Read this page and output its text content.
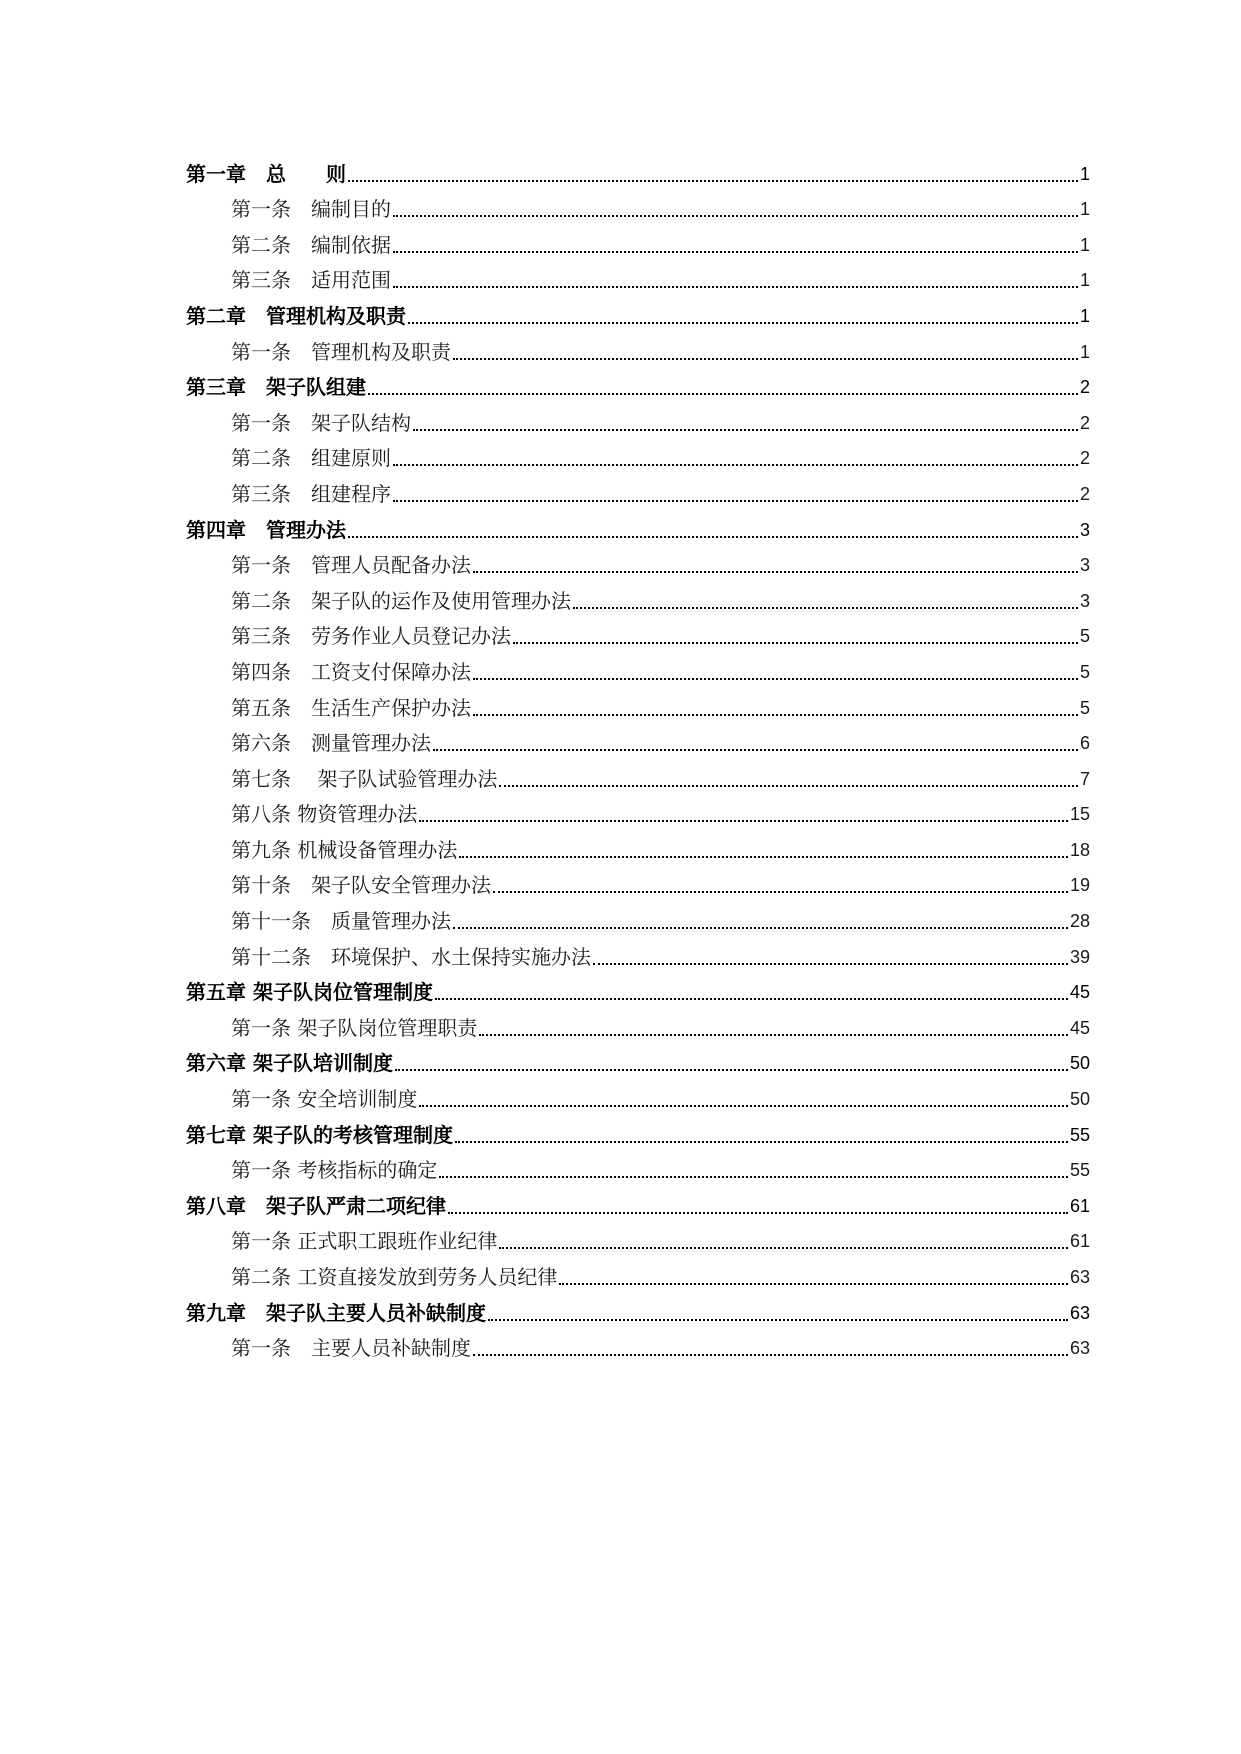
第一章　总　　则	1
第一条　编制目的	1
第二条　编制依据	1
第三条　适用范围	1
第二章　管理机构及职责	1
第一条　管理机构及职责	1
第三章　架子队组建	2
第一条　架子队结构	2
第二条　组建原则	2
第三条　组建程序	2
第四章　管理办法	3
第一条　管理人员配备办法	3
第二条　架子队的运作及使用管理办法	3
第三条　劳务作业人员登记办法	5
第四条　工资支付保障办法	5
第五条　生活生产保护办法	5
第六条　测量管理办法	6
第七条　 架子队试验管理办法	7
第八条 物资管理办法	15
第九条 机械设备管理办法	18
第十条　架子队安全管理办法	19
第十一条　质量管理办法	28
第十二条　环境保护、水土保持实施办法	39
第五章 架子队岗位管理制度	45
第一条 架子队岗位管理职责	45
第六章 架子队培训制度	50
第一条 安全培训制度	50
第七章 架子队的考核管理制度	55
第一条 考核指标的确定	55
第八章　架子队严肃二项纪律	61
第一条 正式职工跟班作业纪律	61
第二条 工资直接发放到劳务人员纪律	63
第九章　架子队主要人员补缺制度	63
第一条　主要人员补缺制度	63
